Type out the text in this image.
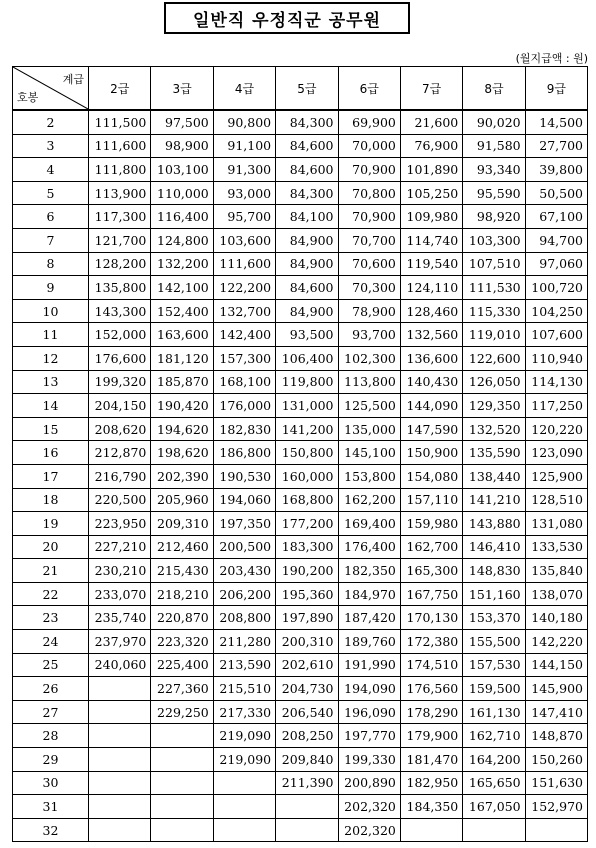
일반직 우정직군 공무원
(월지급액 : 원)
계급
호봉	2급	3급	4급	5급	6급	7급	8급	9급
2	111,500	97,500	90,800	84,300	69,900	21,600	90,020	14,500
3	111,600	98,900	91,100	84,600	70,000	76,900	91,580	27,700
4	111,800	103,100	91,300	84,600	70,900	101,890	93,340	39,800
5	113,900	110,000	93,000	84,300	70,800	105,250	95,590	50,500
6	117,300	116,400	95,700	84,100	70,900	109,980	98,920	67,100
7	121,700	124,800	103,600	84,900	70,700	114,740	103,300	94,700
8	128,200	132,200	111,600	84,900	70,600	119,540	107,510	97,060
9	135,800	142,100	122,200	84,600	70,300	124,110	111,530	100,720
10	143,300	152,400	132,700	84,900	78,900	128,460	115,330	104,250
11	152,000	163,600	142,400	93,500	93,700	132,560	119,010	107,600
12	176,600	181,120	157,300	106,400	102,300	136,600	122,600	110,940
13	199,320	185,870	168,100	119,800	113,800	140,430	126,050	114,130
14	204,150	190,420	176,000	131,000	125,500	144,090	129,350	117,250
15	208,620	194,620	182,830	141,200	135,000	147,590	132,520	120,220
16	212,870	198,620	186,800	150,800	145,100	150,900	135,590	123,090
17	216,790	202,390	190,530	160,000	153,800	154,080	138,440	125,900
18	220,500	205,960	194,060	168,800	162,200	157,110	141,210	128,510
19	223,950	209,310	197,350	177,200	169,400	159,980	143,880	131,080
20	227,210	212,460	200,500	183,300	176,400	162,700	146,410	133,530
21	230,210	215,430	203,430	190,200	182,350	165,300	148,830	135,840
22	233,070	218,210	206,200	195,360	184,970	167,750	151,160	138,070
23	235,740	220,870	208,800	197,890	187,420	170,130	153,370	140,180
24	237,970	223,320	211,280	200,310	189,760	172,380	155,500	142,220
25	240,060	225,400	213,590	202,610	191,990	174,510	157,530	144,150
26		227,360	215,510	204,730	194,090	176,560	159,500	145,900
27		229,250	217,330	206,540	196,090	178,290	161,130	147,410
28			219,090	208,250	197,770	179,900	162,710	148,870
29			219,090	209,840	199,330	181,470	164,200	150,260
30				211,390	200,890	182,950	165,650	151,630
31					202,320	184,350	167,050	152,970
32					202,320			
